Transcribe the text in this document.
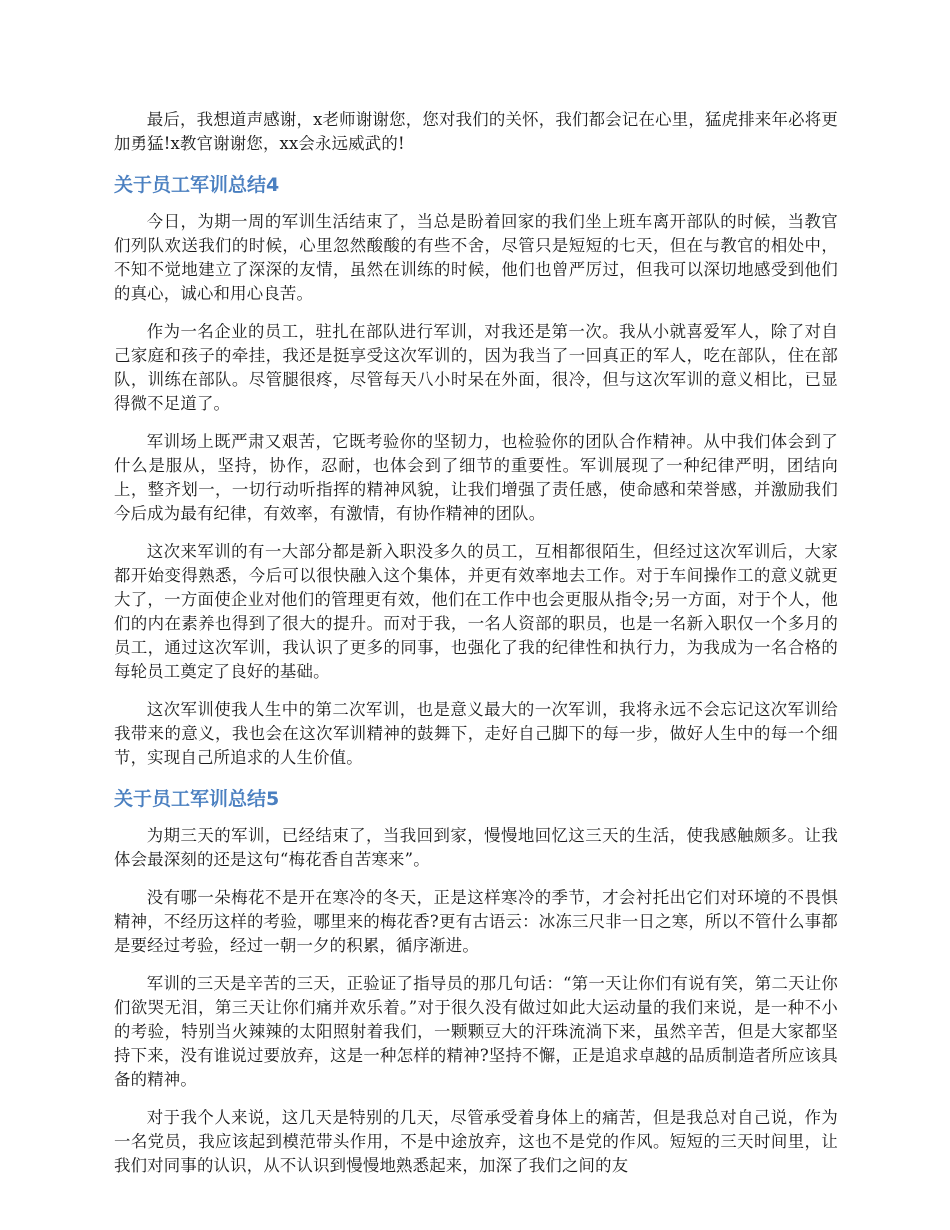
最后，我想道声感谢，x老师谢谢您，您对我们的关怀，我们都会记在心里，猛虎排来年必将更加勇猛!x教官谢谢您，xx会永远威武的!

关于员工军训总结4

今日，为期一周的军训生活结束了，当总是盼着回家的我们坐上班车离开部队的时候，当教官们列队欢送我们的时候，心里忽然酸酸的有些不舍，尽管只是短短的七天，但在与教官的相处中，不知不觉地建立了深深的友情，虽然在训练的时候，他们也曾严厉过，但我可以深切地感受到他们的真心，诚心和用心良苦。

作为一名企业的员工，驻扎在部队进行军训，对我还是第一次。我从小就喜爱军人，除了对自己家庭和孩子的牵挂，我还是挺享受这次军训的，因为我当了一回真正的军人，吃在部队，住在部队，训练在部队。尽管腿很疼，尽管每天八小时呆在外面，很冷，但与这次军训的意义相比，已显得微不足道了。

军训场上既严肃又艰苦，它既考验你的坚韧力，也检验你的团队合作精神。从中我们体会到了什么是服从，坚持，协作，忍耐，也体会到了细节的重要性。军训展现了一种纪律严明，团结向上，整齐划一，一切行动听指挥的精神风貌，让我们增强了责任感，使命感和荣誉感，并激励我们今后成为最有纪律，有效率，有激情，有协作精神的团队。

这次来军训的有一大部分都是新入职没多久的员工，互相都很陌生，但经过这次军训后，大家都开始变得熟悉，今后可以很快融入这个集体，并更有效率地去工作。对于车间操作工的意义就更大了，一方面使企业对他们的管理更有效，他们在工作中也会更服从指令;另一方面，对于个人，他们的内在素养也得到了很大的提升。而对于我，一名人资部的职员，也是一名新入职仅一个多月的员工，通过这次军训，我认识了更多的同事，也强化了我的纪律性和执行力，为我成为一名合格的每轮员工奠定了良好的基础。

这次军训使我人生中的第二次军训，也是意义最大的一次军训，我将永远不会忘记这次军训给我带来的意义，我也会在这次军训精神的鼓舞下，走好自己脚下的每一步，做好人生中的每一个细节，实现自己所追求的人生价值。

关于员工军训总结5

为期三天的军训，已经结束了，当我回到家，慢慢地回忆这三天的生活，使我感触颇多。让我体会最深刻的还是这句“梅花香自苦寒来”。

没有哪一朵梅花不是开在寒冷的冬天，正是这样寒冷的季节，才会衬托出它们对环境的不畏惧精神，不经历这样的考验，哪里来的梅花香?更有古语云：冰冻三尺非一日之寒，所以不管什么事都是要经过考验，经过一朝一夕的积累，循序渐进。

军训的三天是辛苦的三天，正验证了指导员的那几句话：“第一天让你们有说有笑，第二天让你们欲哭无泪，第三天让你们痛并欢乐着。”对于很久没有做过如此大运动量的我们来说，是一种不小的考验，特别当火辣辣的太阳照射着我们，一颗颗豆大的汗珠流淌下来，虽然辛苦，但是大家都坚持下来，没有谁说过要放弃，这是一种怎样的精神?坚持不懈，正是追求卓越的品质制造者所应该具备的精神。

对于我个人来说，这几天是特别的几天，尽管承受着身体上的痛苦，但是我总对自己说，作为一名党员，我应该起到模范带头作用，不是中途放弃，这也不是党的作风。短短的三天时间里，让我们对同事的认识，从不认识到慢慢地熟悉起来，加深了我们之间的友
